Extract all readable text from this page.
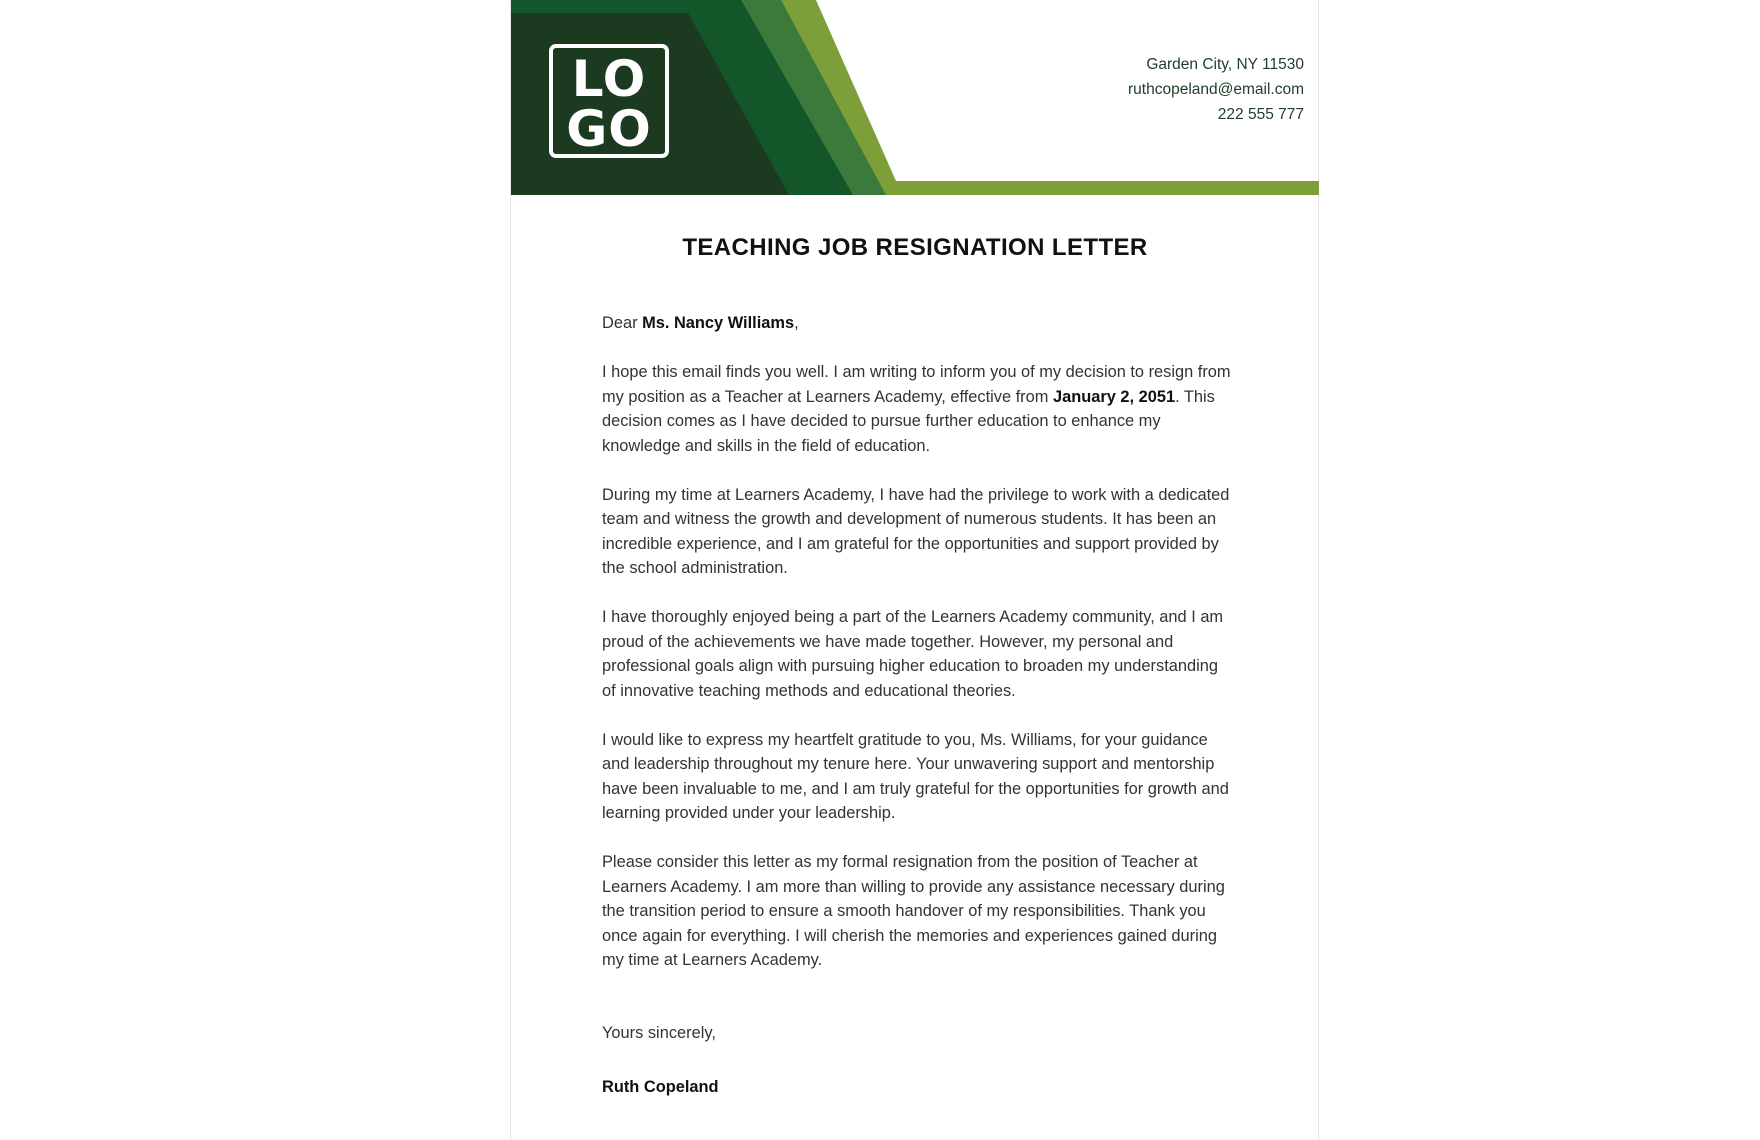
LO
GO
Garden City, NY 11530
ruthcopeland@email.com
222 555 777
TEACHING JOB RESIGNATION LETTER

Dear Ms. Nancy Williams,

I hope this email finds you well. I am writing to inform you of my decision to resign from my position as a Teacher at Learners Academy, effective from January 2, 2051. This decision comes as I have decided to pursue further education to enhance my knowledge and skills in the field of education.

During my time at Learners Academy, I have had the privilege to work with a dedicated team and witness the growth and development of numerous students. It has been an incredible experience, and I am grateful for the opportunities and support provided by the school administration.

I have thoroughly enjoyed being a part of the Learners Academy community, and I am proud of the achievements we have made together. However, my personal and professional goals align with pursuing higher education to broaden my understanding of innovative teaching methods and educational theories.

I would like to express my heartfelt gratitude to you, Ms. Williams, for your guidance and leadership throughout my tenure here. Your unwavering support and mentorship have been invaluable to me, and I am truly grateful for the opportunities for growth and learning provided under your leadership.

Please consider this letter as my formal resignation from the position of Teacher at Learners Academy. I am more than willing to provide any assistance necessary during the transition period to ensure a smooth handover of my responsibilities. Thank you once again for everything. I will cherish the memories and experiences gained during my time at Learners Academy.

Yours sincerely,

Ruth Copeland
